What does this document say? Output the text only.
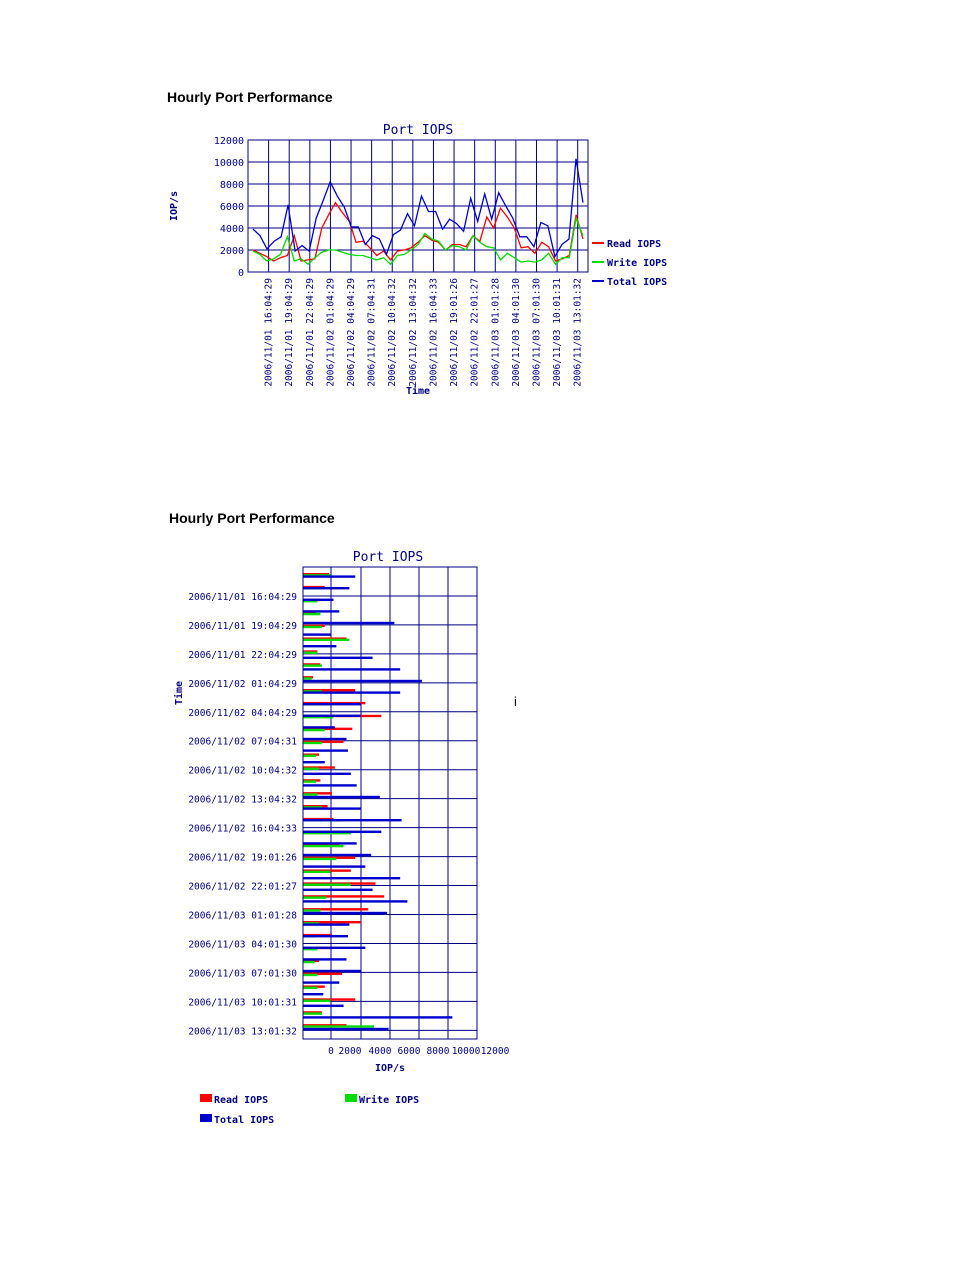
Hourly Port Performance
Hourly Port Performance
i
Port IOPS
0
2000
4000
6000
8000
10000
12000
2006/11/01 16:04:29 2006/11/01 19:04:29 2006/11/01 22:04:29 2006/11/02 01:04:29 2006/11/02 04:04:29 2006/11/02 07:04:31 2006/11/02 10:04:32 2006/11/02 13:04:32 2006/11/02 16:04:33 2006/11/02 19:01:26 2006/11/02 22:01:27 2006/11/03 01:01:28 2006/11/03 04:01:30 2006/11/03 07:01:30 2006/11/03 10:01:31 2006/11/03 13:01:32
Time
IOP/s
Read IOPS
Write IOPS
Total IOPS
Port IOPS
0 2000 4000 6000 8000 10000 12000
2006/11/01 16:04:29
2006/11/01 19:04:29
2006/11/01 22:04:29
2006/11/02 01:04:29
2006/11/02 04:04:29
2006/11/02 07:04:31
2006/11/02 10:04:32
2006/11/02 13:04:32
2006/11/02 16:04:33
2006/11/02 19:01:26
2006/11/02 22:01:27
2006/11/03 01:01:28
2006/11/03 04:01:30
2006/11/03 07:01:30
2006/11/03 10:01:31
2006/11/03 13:01:32
IOP/s
Time
Read IOPS	Write IOPS
Total IOPS
